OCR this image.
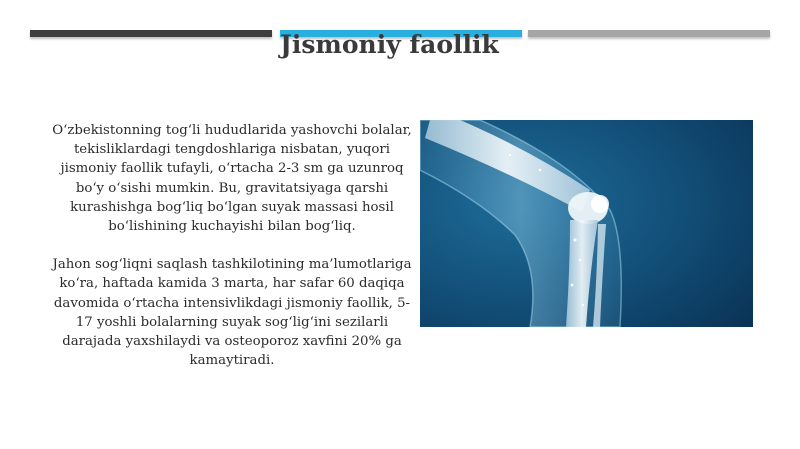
Jismoniy faollik

O‘zbekistonning tog‘li hududlarida yashovchi bolalar, tekisliklardagi tengdoshlariga nisbatan, yuqori jismoniy faollik tufayli, o‘rtacha 2-3 sm ga uzunroq bo‘y o‘sishi mumkin. Bu, gravitatsiyaga qarshi kurashishga bog‘liq bo‘lgan suyak massasi hosil bo‘lishining kuchayishi bilan bog‘liq.

Jahon sog‘liqni saqlash tashkilotining ma’lumotlariga ko‘ra, haftada kamida 3 marta, har safar 60 daqiqa davomida o‘rtacha intensivlikdagi jismoniy faollik, 5-17 yoshli bolalarning suyak sog‘lig‘ini sezilarli darajada yaxshilaydi va osteoporoz xavfini 20% ga kamaytiradi.
